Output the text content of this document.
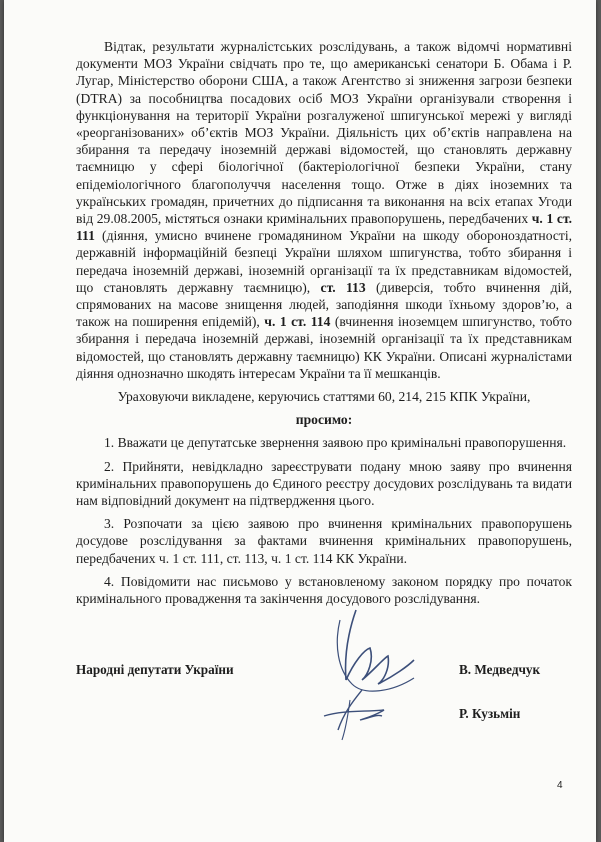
Відтак, результати журналістських розслідувань, а також відомчі нормативні документи МОЗ України свідчать про те, що американські сенатори Б. Обама і Р. Лугар, Міністерство оборони США, а також Агентство зі зниження загрози безпеки (DTRA) за пособництва посадових осіб МОЗ України організували створення і функціонування на території України розгалуженої шпигунської мережі у вигляді «реорганізованих» об’єктів МОЗ України. Діяльність цих об’єктів направлена на збирання та передачу іноземній державі відомостей, що становлять державну таємницю у сфері біологічної (бактеріологічної безпеки України, стану епідеміологічного благополуччя населення тощо. Отже в діях іноземних та українських громадян, причетних до підписання та виконання на всіх етапах Угоди від 29.08.2005, містяться ознаки кримінальних правопорушень, передбачених ч. 1 ст. 111 (діяння, умисно вчинене громадянином України на шкоду обороноздатності, державній інформаційній безпеці України шляхом шпигунства, тобто збирання і передача іноземній державі, іноземній організації та їх представникам відомостей, що становлять державну таємницю), ст. 113 (диверсія, тобто вчинення дій, спрямованих на масове знищення людей, заподіяння шкоди їхньому здоров’ю, а також на поширення епідемій), ч. 1 ст. 114 (вчинення іноземцем шпигунство, тобто збирання і передача іноземній державі, іноземній організації та їх представникам відомостей, що становлять державну таємницю) КК України. Описані журналістами діяння однозначно шкодять інтересам України та її мешканців.

Ураховуючи викладене, керуючись статтями 60, 214, 215 КПК України,

просимо:

1. Вважати це депутатське звернення заявою про кримінальні правопорушення.

2. Прийняти, невідкладно зареєструвати подану мною заяву про вчинення кримінальних правопорушень до Єдиного реєстру досудових розслідувань та видати нам відповідний документ на підтвердження цього.

3. Розпочати за цією заявою про вчинення кримінальних правопорушень досудове розслідування за фактами вчинення кримінальних правопорушень, передбачених ч. 1 ст. 111, ст. 113, ч. 1 ст. 114 КК України.

4. Повідомити нас письмово у встановленому законом порядку про початок кримінального провадження та закінчення досудового розслідування.

Народні депутати України	В. Медведчук
Р. Кузьмін
4
